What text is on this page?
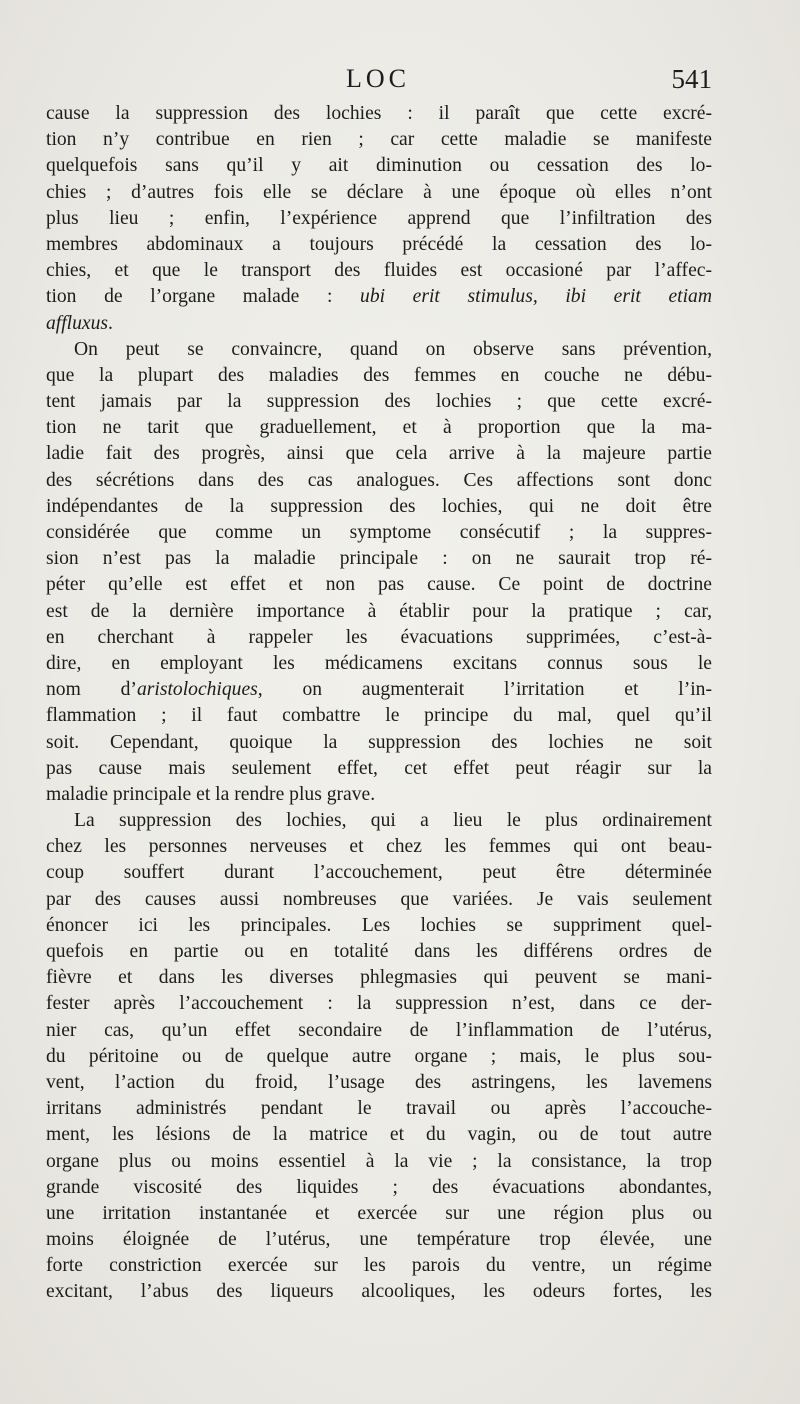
LOC	541
cause la suppression des lochies : il paraît que cette excré-
tion n’y contribue en rien ; car cette maladie se manifeste
quelquefois sans qu’il y ait diminution ou cessation des lo-
chies ; d’autres fois elle se déclare à une époque où elles n’ont
plus lieu ; enfin, l’expérience apprend que l’infiltration des
membres abdominaux a toujours précédé la cessation des lo-
chies, et que le transport des fluides est occasioné par l’affec-
tion de l’organe malade : ubi erit stimulus, ibi erit etiam
affluxus.
On peut se convaincre, quand on observe sans prévention,
que la plupart des maladies des femmes en couche ne débu-
tent jamais par la suppression des lochies ; que cette excré-
tion ne tarit que graduellement, et à proportion que la ma-
ladie fait des progrès, ainsi que cela arrive à la majeure partie
des sécrétions dans des cas analogues. Ces affections sont donc
indépendantes de la suppression des lochies, qui ne doit être
considérée que comme un symptome consécutif ; la suppres-
sion n’est pas la maladie principale : on ne saurait trop ré-
péter qu’elle est effet et non pas cause. Ce point de doctrine
est de la dernière importance à établir pour la pratique ; car,
en cherchant à rappeler les évacuations supprimées, c’est-à-
dire, en employant les médicamens excitans connus sous le
nom d’aristolochiques, on augmenterait l’irritation et l’in-
flammation ; il faut combattre le principe du mal, quel qu’il
soit. Cependant, quoique la suppression des lochies ne soit
pas cause mais seulement effet, cet effet peut réagir sur la
maladie principale et la rendre plus grave.
La suppression des lochies, qui a lieu le plus ordinairement
chez les personnes nerveuses et chez les femmes qui ont beau-
coup souffert durant l’accouchement, peut être déterminée
par des causes aussi nombreuses que variées. Je vais seulement
énoncer ici les principales. Les lochies se suppriment quel-
quefois en partie ou en totalité dans les différens ordres de
fièvre et dans les diverses phlegmasies qui peuvent se mani-
fester après l’accouchement : la suppression n’est, dans ce der-
nier cas, qu’un effet secondaire de l’inflammation de l’utérus,
du péritoine ou de quelque autre organe ; mais, le plus sou-
vent, l’action du froid, l’usage des astringens, les lavemens
irritans administrés pendant le travail ou après l’accouche-
ment, les lésions de la matrice et du vagin, ou de tout autre
organe plus ou moins essentiel à la vie ; la consistance, la trop
grande viscosité des liquides ; des évacuations abondantes,
une irritation instantanée et exercée sur une région plus ou
moins éloignée de l’utérus, une température trop élevée, une
forte constriction exercée sur les parois du ventre, un régime
excitant, l’abus des liqueurs alcooliques, les odeurs fortes, les
